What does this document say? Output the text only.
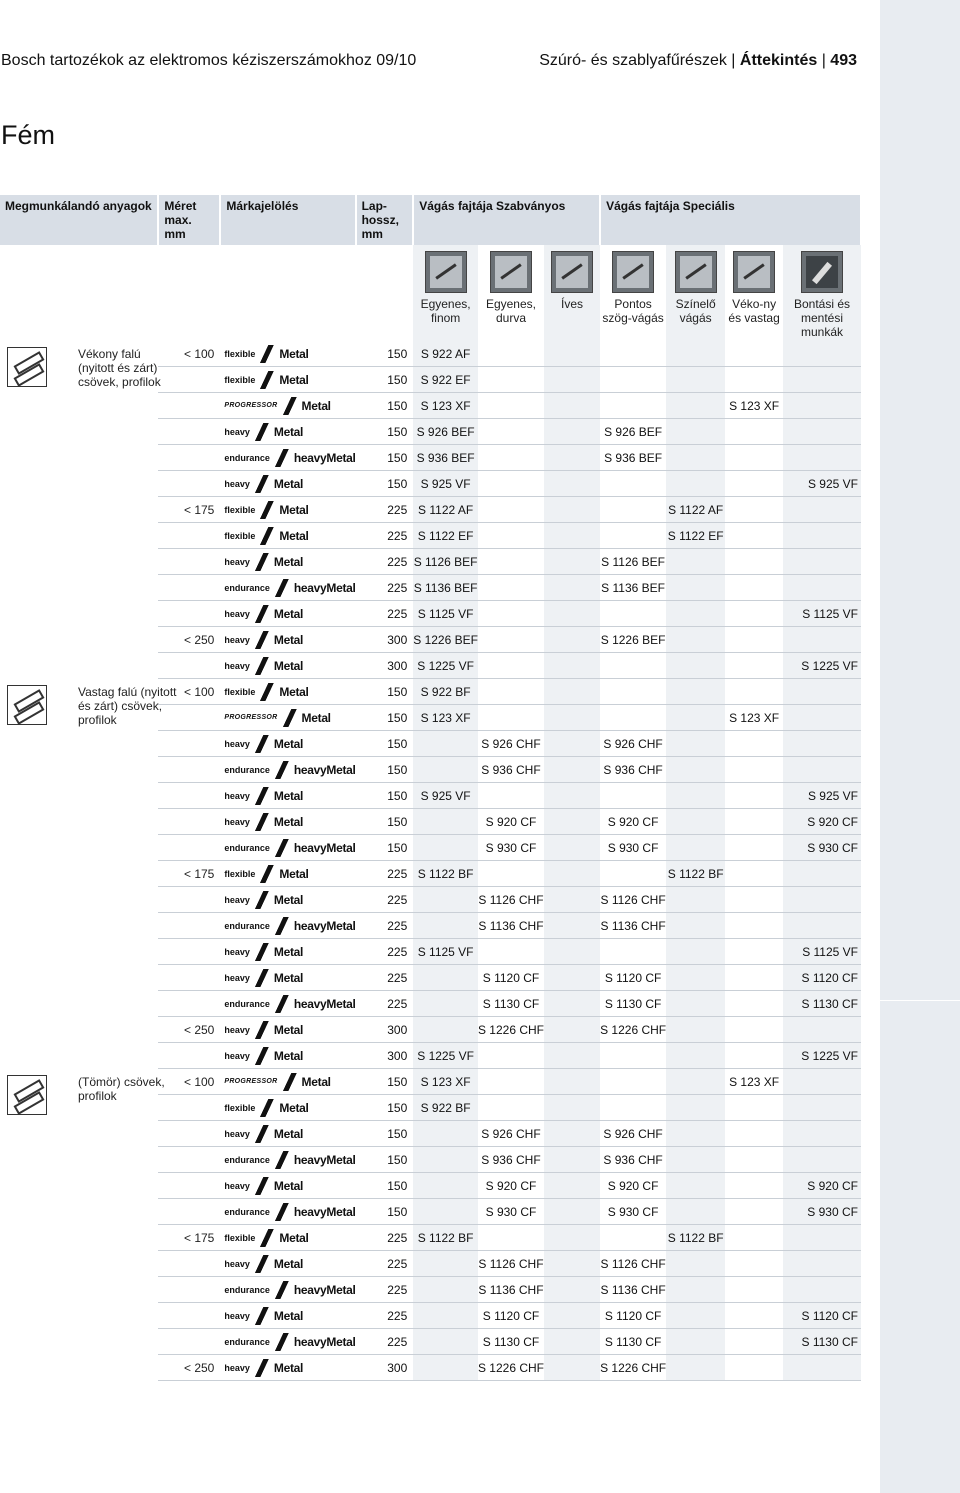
Bosch tartozékok az elektromos kéziszerszámokhoz 09/10	Szúró- és szablyafűrészek | Áttekintés | 493
Fém
Megmunkálandó anyagok	Méret max. mm	Márkajelölés	Lap-hossz, mm	Vágás fajtája Szabványos			Vágás fajtája Speciális			

				Egyenes, finom	Egyenes, durva	Íves	Pontos szög-vágás	Színelő vágás	Véko-ny és vastag	Bontási és mentési munkák

Vékony falú (nyitott és zárt) csövek, profilok	< 100	flexible Metal	150	S 922 AF						

		flexible Metal	150	S 922 EF						

		PROGRESSOR Metal	150	S 123 XF					S 123 XF	

		heavy Metal	150	S 926 BEF			S 926 BEF			

		endurance heavyMetal	150	S 936 BEF			S 936 BEF			

		heavy Metal	150	S 925 VF						S 925 VF
	< 175	flexible Metal	225	S 1122 AF				S 1122 AF		

		flexible Metal	225	S 1122 EF				S 1122 EF		

		heavy Metal	225	S 1126 BEF			S 1126 BEF			

		endurance heavyMetal	225	S 1136 BEF			S 1136 BEF			

		heavy Metal	225	S 1125 VF						S 1125 VF
	< 250	heavy Metal	300	S 1226 BEF			S 1226 BEF			

		heavy Metal	300	S 1225 VF						S 1225 VF

Vastag falú (nyitott és zárt) csövek, profilok	< 100	flexible Metal	150	S 922 BF						

		PROGRESSOR Metal	150	S 123 XF					S 123 XF	

		heavy Metal	150		S 926 CHF		S 926 CHF			

		endurance heavyMetal	150		S 936 CHF		S 936 CHF			

		heavy Metal	150	S 925 VF						S 925 VF

		heavy Metal	150		S 920 CF		S 920 CF			S 920 CF

		endurance heavyMetal	150		S 930 CF		S 930 CF			S 930 CF
	< 175	flexible Metal	225	S 1122 BF				S 1122 BF		

		heavy Metal	225		S 1126 CHF		S 1126 CHF			

		endurance heavyMetal	225		S 1136 CHF		S 1136 CHF			

		heavy Metal	225	S 1125 VF						S 1125 VF

		heavy Metal	225		S 1120 CF		S 1120 CF			S 1120 CF

		endurance heavyMetal	225		S 1130 CF		S 1130 CF			S 1130 CF
	< 250	heavy Metal	300		S 1226 CHF		S 1226 CHF			

		heavy Metal	300	S 1225 VF						S 1225 VF

(Tömör) csövek, profilok	< 100	PROGRESSOR Metal	150	S 123 XF					S 123 XF	

		flexible Metal	150	S 922 BF						

		heavy Metal	150		S 926 CHF		S 926 CHF			

		endurance heavyMetal	150		S 936 CHF		S 936 CHF			

		heavy Metal	150		S 920 CF		S 920 CF			S 920 CF

		endurance heavyMetal	150		S 930 CF		S 930 CF			S 930 CF
	< 175	flexible Metal	225	S 1122 BF				S 1122 BF		

		heavy Metal	225		S 1126 CHF		S 1126 CHF			

		endurance heavyMetal	225		S 1136 CHF		S 1136 CHF			

		heavy Metal	225		S 1120 CF		S 1120 CF			S 1120 CF

		endurance heavyMetal	225		S 1130 CF		S 1130 CF			S 1130 CF
	< 250	heavy Metal	300		S 1226 CHF		S 1226 CHF			
